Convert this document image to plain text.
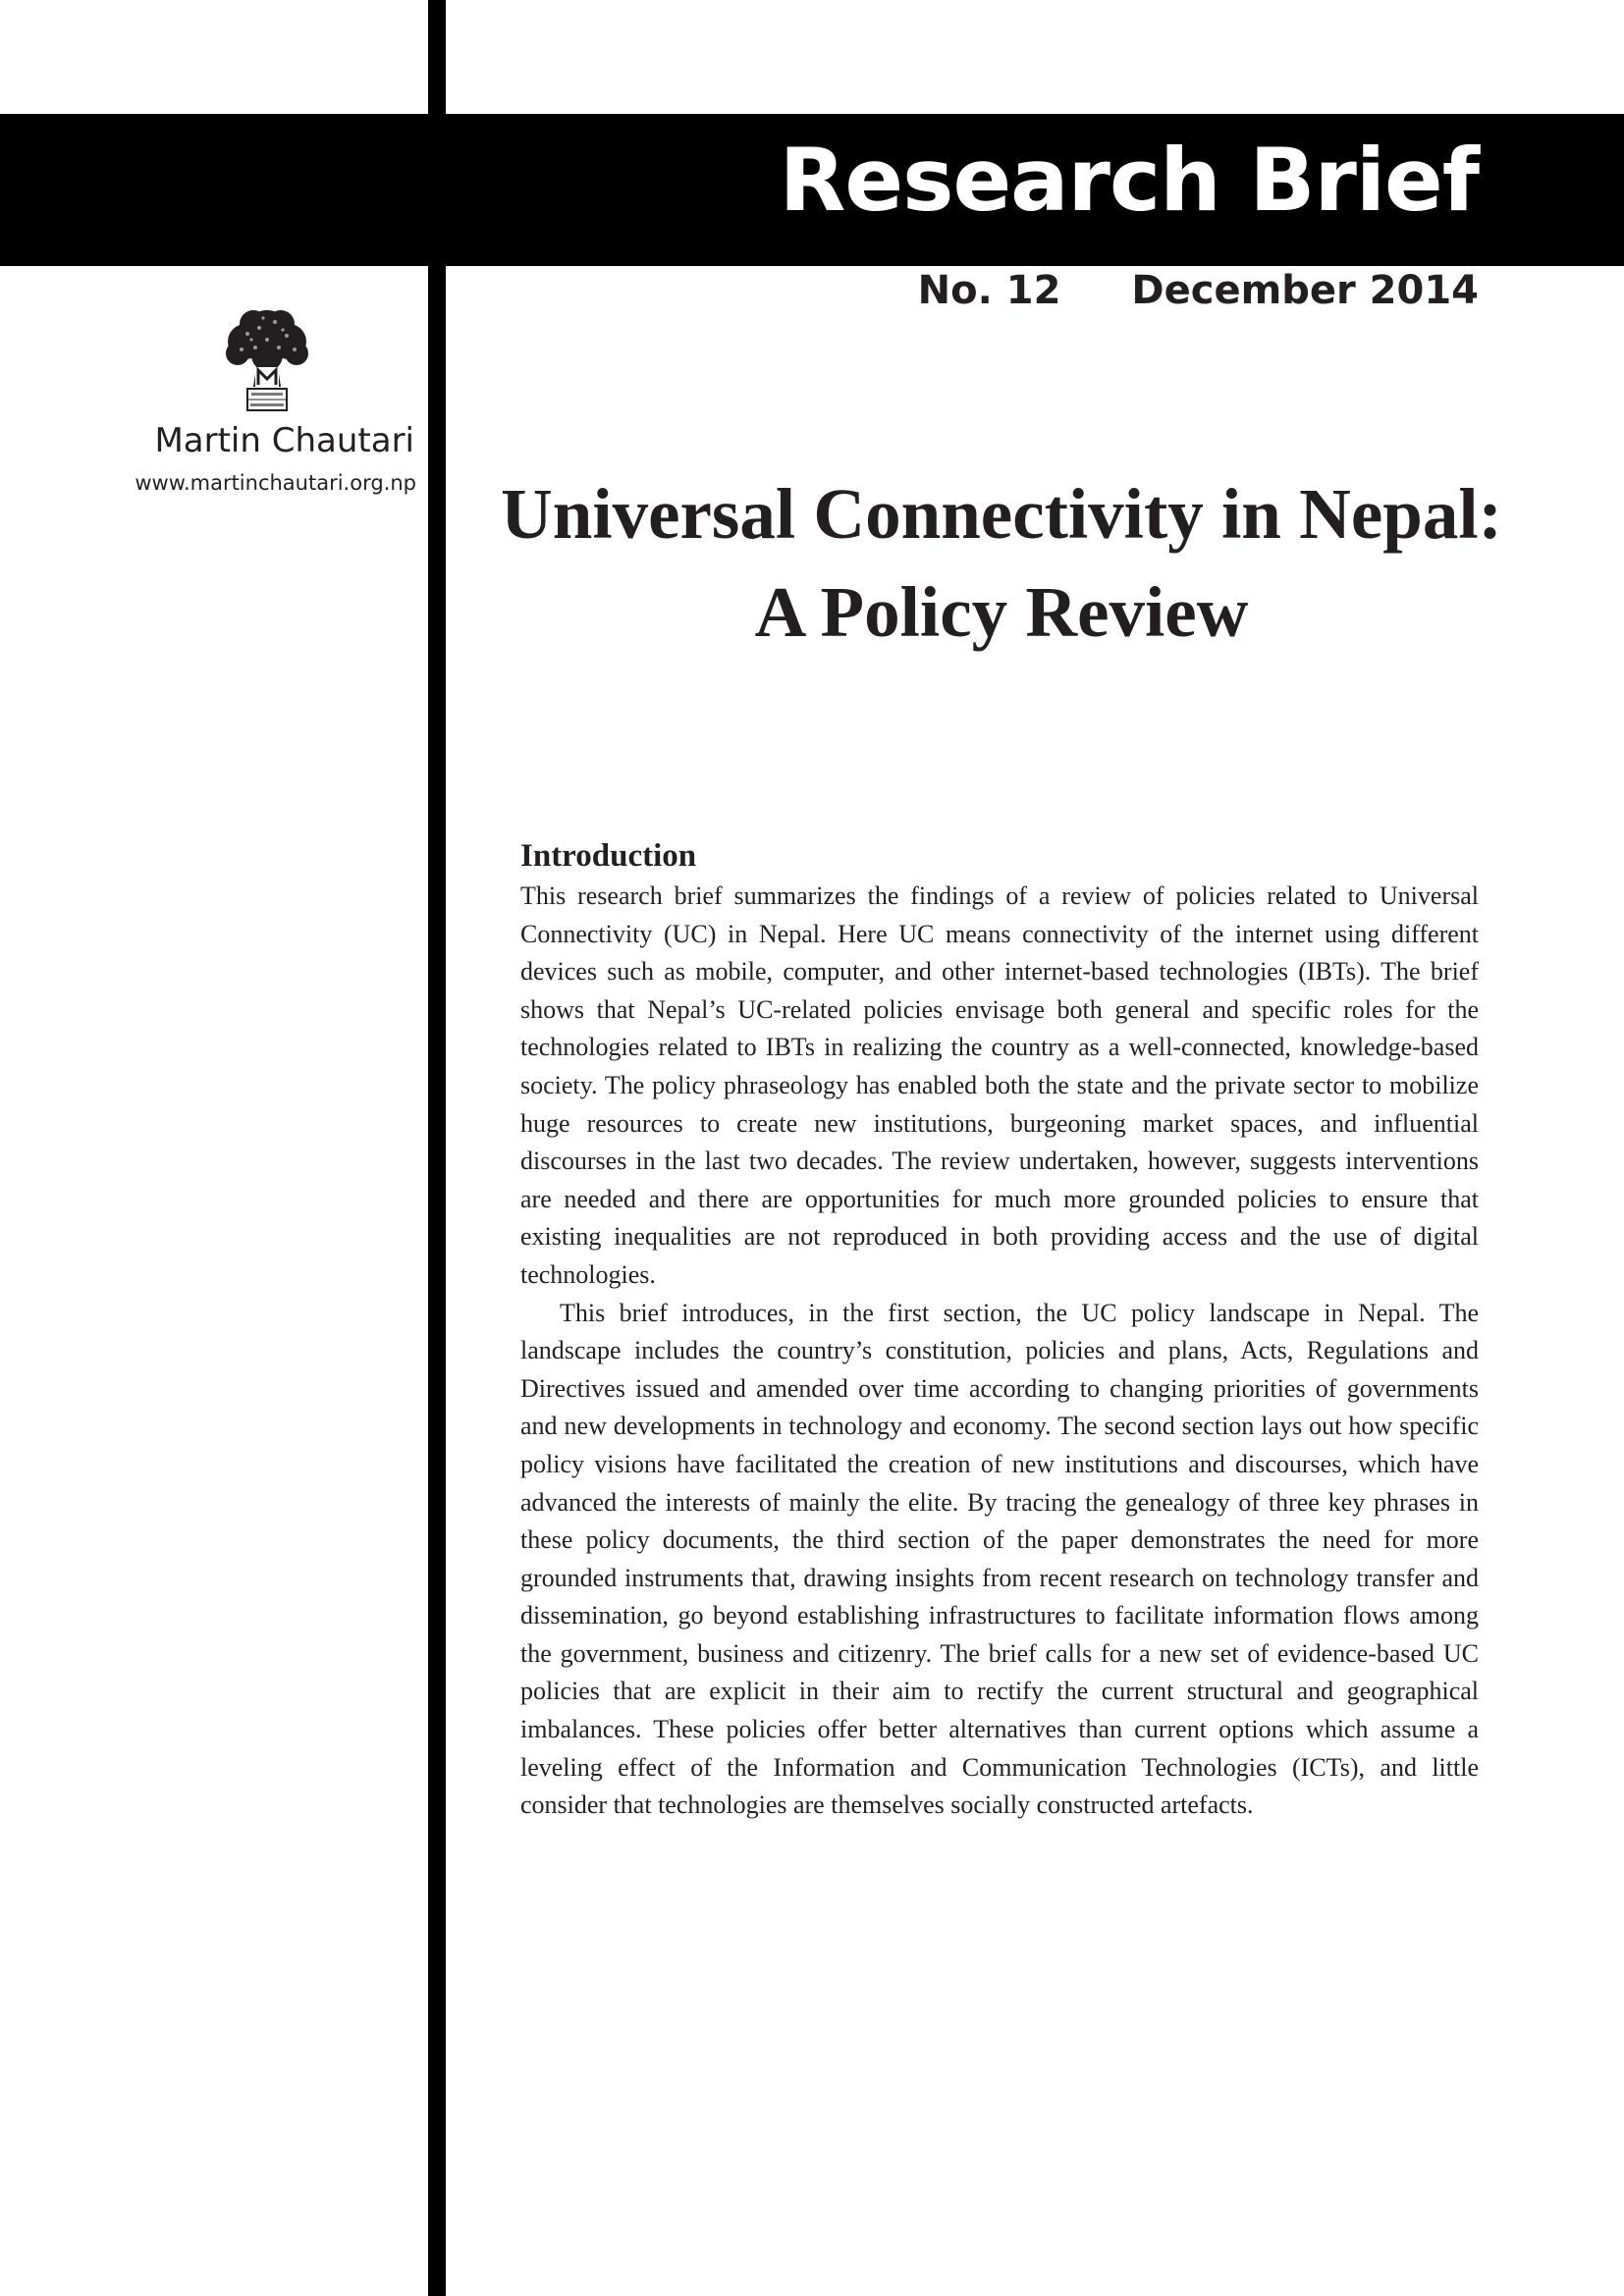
Research Brief
No. 12 December 2014
Martin Chautari
www.martinchautari.org.np Universal Connectivity in Nepal: A Policy Review
Introduction

This research brief summarizes the findings of a review of policies related to Universal Connectivity (UC) in Nepal. Here UC means connectivity of the internet using different devices such as mobile, computer, and other internet-based technologies (IBTs). The brief shows that Nepal’s UC-related policies envisage both general and specific roles for the technologies related to IBTs in realizing the country as a well-connected, knowledge-based society. The policy phraseology has enabled both the state and the private sector to mobilize huge resources to create new institutions, burgeoning market spaces, and influential discourses in the last two decades. The review undertaken, however, suggests interventions are needed and there are opportunities for much more grounded policies to ensure that existing inequalities are not reproduced in both providing access and the use of digital technologies.

This brief introduces, in the first section, the UC policy landscape in Nepal. The landscape includes the country’s constitution, policies and plans, Acts, Regulations and Directives issued and amended over time according to changing priorities of governments and new developments in technology and economy. The second section lays out how specific policy visions have facilitated the creation of new institutions and discourses, which have advanced the interests of mainly the elite. By tracing the genealogy of three key phrases in these policy documents, the third section of the paper demonstrates the need for more grounded instruments that, drawing insights from recent research on technology transfer and dissemination, go beyond establishing infrastructures to facilitate information flows among the government, business and citizenry. The brief calls for a new set of evidence-based UC policies that are explicit in their aim to rectify the current structural and geographical imbalances. These policies offer better alternatives than current options which assume a leveling effect of the Information and Communication Technologies (ICTs), and little consider that technologies are themselves socially constructed artefacts.
